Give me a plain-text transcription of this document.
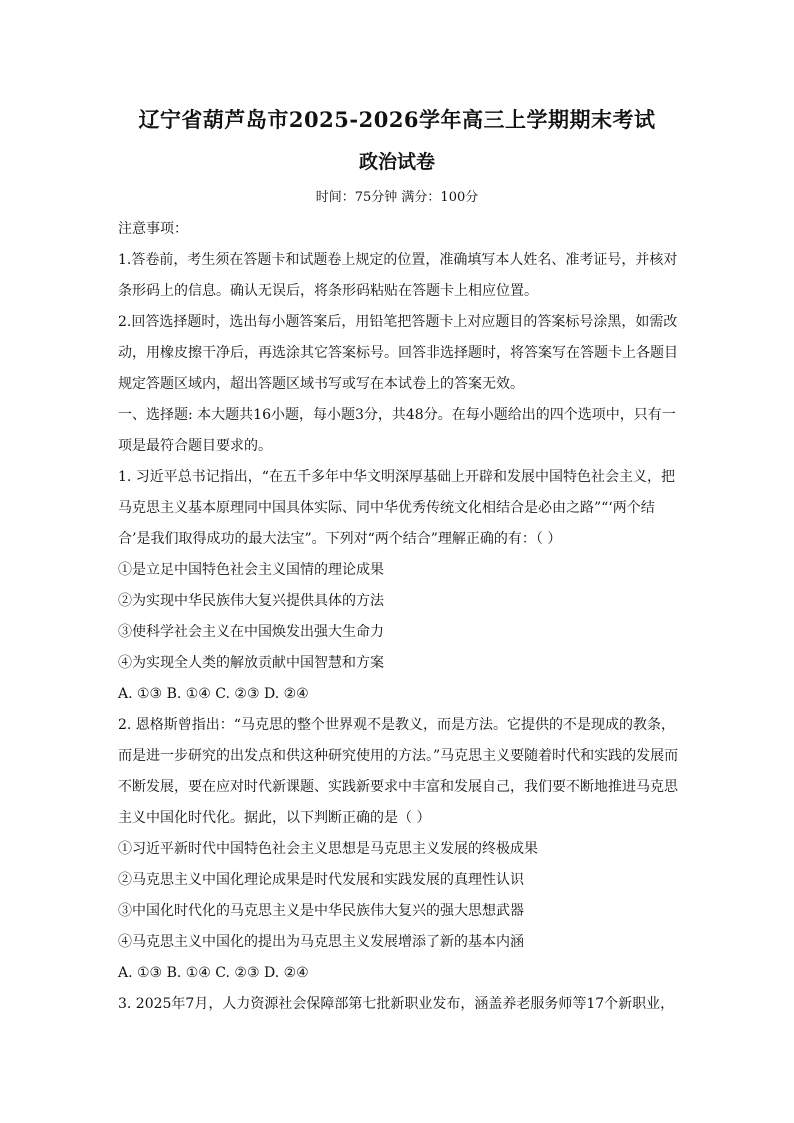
辽宁省葫芦岛市2025-2026学年高三上学期期末考试
政治试卷
时间：75分钟 满分：100分

注意事项：

1.答卷前，考生须在答题卡和试题卷上规定的位置，准确填写本人姓名、准考证号，并核对条形码上的信息。确认无误后，将条形码粘贴在答题卡上相应位置。

2.回答选择题时，选出每小题答案后，用铅笔把答题卡上对应题目的答案标号涂黑，如需改动，用橡皮擦干净后，再选涂其它答案标号。回答非选择题时，将答案写在答题卡上各题目规定答题区域内，超出答题区域书写或写在本试卷上的答案无效。

一、选择题: 本大题共16小题，每小题3分，共48分。在每小题给出的四个选项中，只有一项是最符合题目要求的。

1. 习近平总书记指出，“在五千多年中华文明深厚基础上开辟和发展中国特色社会主义，把马克思主义基本原理同中国具体实际、同中华优秀传统文化相结合是必由之路”“‘两个结合’是我们取得成功的最大法宝”。下列对“两个结合”理解正确的有：（ ）

①是立足中国特色社会主义国情的理论成果

②为实现中华民族伟大复兴提供具体的方法

③使科学社会主义在中国焕发出强大生命力

④为实现全人类的解放贡献中国智慧和方案

A. ①③ B. ①④ C. ②③ D. ②④

2. 恩格斯曾指出：“马克思的整个世界观不是教义，而是方法。它提供的不是现成的教条，而是进一步研究的出发点和供这种研究使用的方法。”马克思主义要随着时代和实践的发展而不断发展，要在应对时代新课题、实践新要求中丰富和发展自己，我们要不断地推进马克思主义中国化时代化。据此，以下判断正确的是（ ）

①习近平新时代中国特色社会主义思想是马克思主义发展的终极成果

②马克思主义中国化理论成果是时代发展和实践发展的真理性认识

③中国化时代化的马克思主义是中华民族伟大复兴的强大思想武器

④马克思主义中国化的提出为马克思主义发展增添了新的基本内涵

A. ①③ B. ①④ C. ②③ D. ②④

3. 2025年7月，人力资源社会保障部第七批新职业发布，涵盖养老服务师等17个新职业，
